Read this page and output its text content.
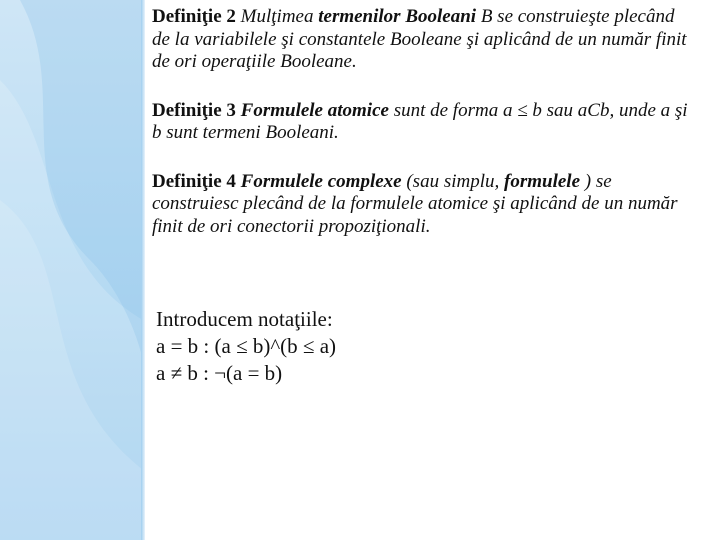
Definiţie 2 Mulţimea termenilor Booleani B se construieşte plecând de la variabilele şi constantele Booleane şi aplicând de un număr finit de ori operaţiile Booleane.

Definiţie 3 Formulele atomice sunt de forma a ≤ b sau aCb, unde a şi b sunt termeni Booleani.

Definiţie 4 Formulele complexe (sau simplu, formulele ) se construiesc plecând de la formulele atomice şi aplicând de un număr finit de ori conectorii propoziţionali.

Introducem notaţiile:
a = b : (a ≤ b)^(b ≤ a)
a ≠ b : ¬(a = b)
